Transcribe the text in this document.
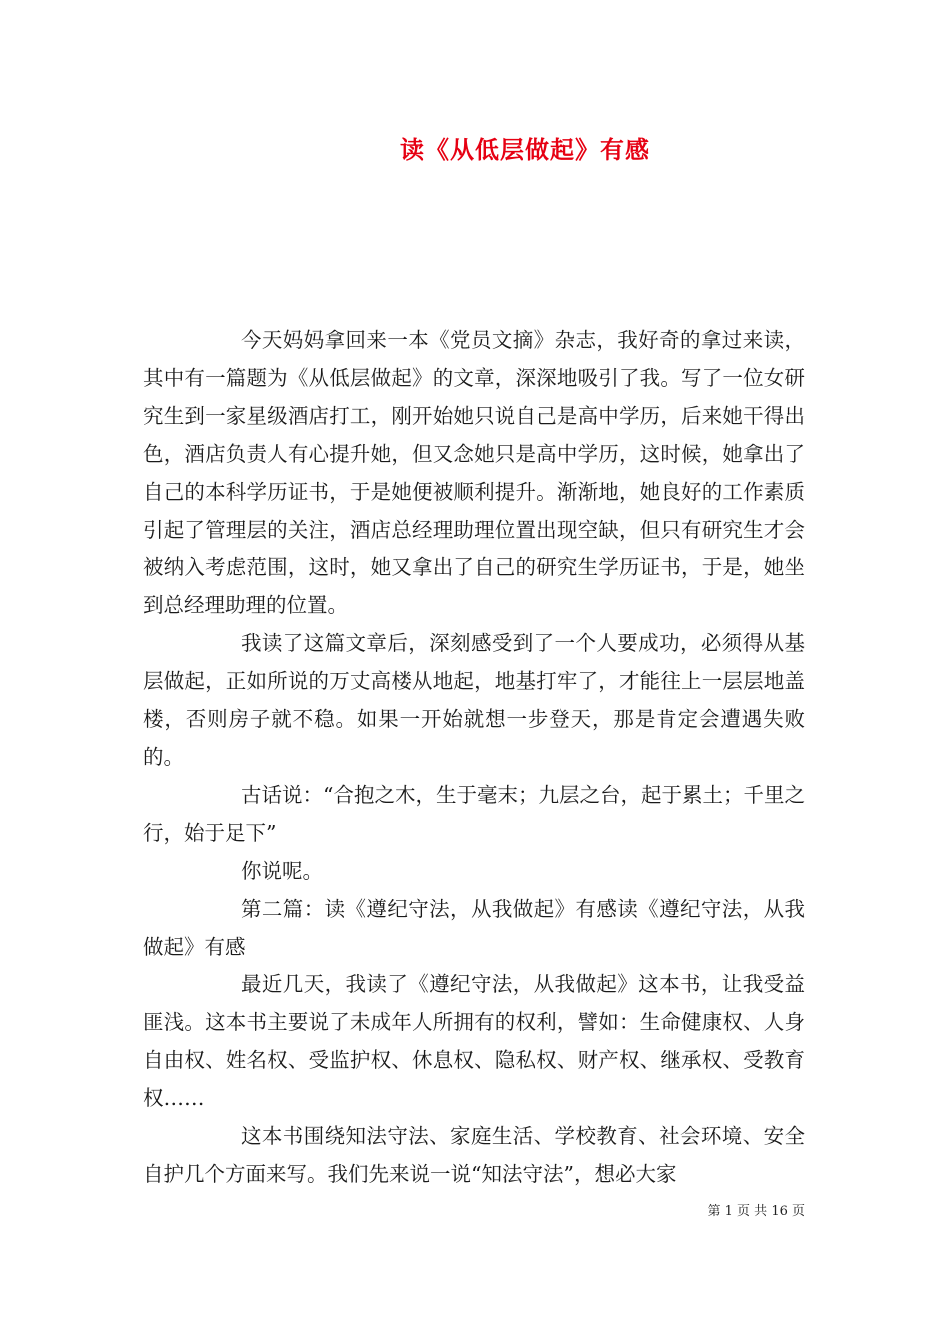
读《从低层做起》有感

今天妈妈拿回来一本《党员文摘》杂志，我好奇的拿过来读，其中有一篇题为《从低层做起》的文章，深深地吸引了我。写了一位女研究生到一家星级酒店打工，刚开始她只说自己是高中学历，后来她干得出色，酒店负责人有心提升她，但又念她只是高中学历，这时候，她拿出了自己的本科学历证书，于是她便被顺利提升。渐渐地，她良好的工作素质引起了管理层的关注，酒店总经理助理位置出现空缺，但只有研究生才会被纳入考虑范围，这时，她又拿出了自己的研究生学历证书，于是，她坐到总经理助理的位置。

我读了这篇文章后，深刻感受到了一个人要成功，必须得从基层做起，正如所说的万丈高楼从地起，地基打牢了，才能往上一层层地盖楼，否则房子就不稳。如果一开始就想一步登天，那是肯定会遭遇失败的。

古话说：“合抱之木，生于毫末；九层之台，起于累土；千里之行，始于足下”

你说呢。

第二篇：读《遵纪守法，从我做起》有感读《遵纪守法，从我做起》有感

最近几天，我读了《遵纪守法，从我做起》这本书，让我受益匪浅。这本书主要说了未成年人所拥有的权利，譬如：生命健康权、人身自由权、姓名权、受监护权、休息权、隐私权、财产权、继承权、受教育权……

这本书围绕知法守法、家庭生活、学校教育、社会环境、安全自护几个方面来写。我们先来说一说“知法守法”，想必大家

第 1 页 共 16 页
